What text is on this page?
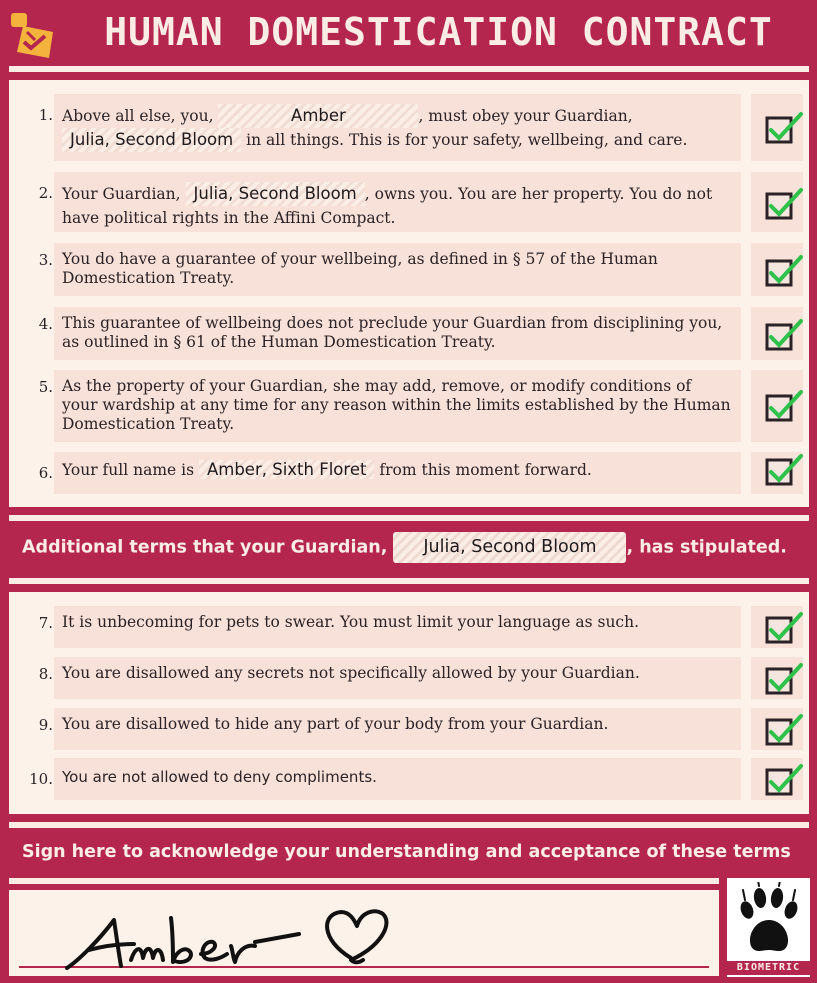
HUMAN DOMESTICATION CONTRACT
1. Above all else, you,	Amber	, must obey your Guardian,
Julia, Second Bloom in all things. This is for your safety, wellbeing, and care.
2. Your Guardian, Julia, Second Bloom , owns you. You are her property. You do not have political rights in the Affini Compact.
3. You do have a guarantee of your wellbeing, as defined in § 57 of the Human Domestication Treaty.
4. This guarantee of wellbeing does not preclude your Guardian from disciplining you, as outlined in § 61 of the Human Domestication Treaty.
5. As the property of your Guardian, she may add, remove, or modify conditions of your wardship at any time for any reason within the limits established by the Human Domestication Treaty.
6. Your full name is Amber, Sixth Floret from this moment forward.
Additional terms that your Guardian, Julia, Second Bloom , has stipulated.
7. It is unbecoming for pets to swear. You must limit your language as such.
8. You are disallowed any secrets not specifically allowed by your Guardian.
9. You are disallowed to hide any part of your body from your Guardian.
10. You are not allowed to deny compliments.
Sign here to acknowledge your understanding and acceptance of these terms
BIOMETRIC
